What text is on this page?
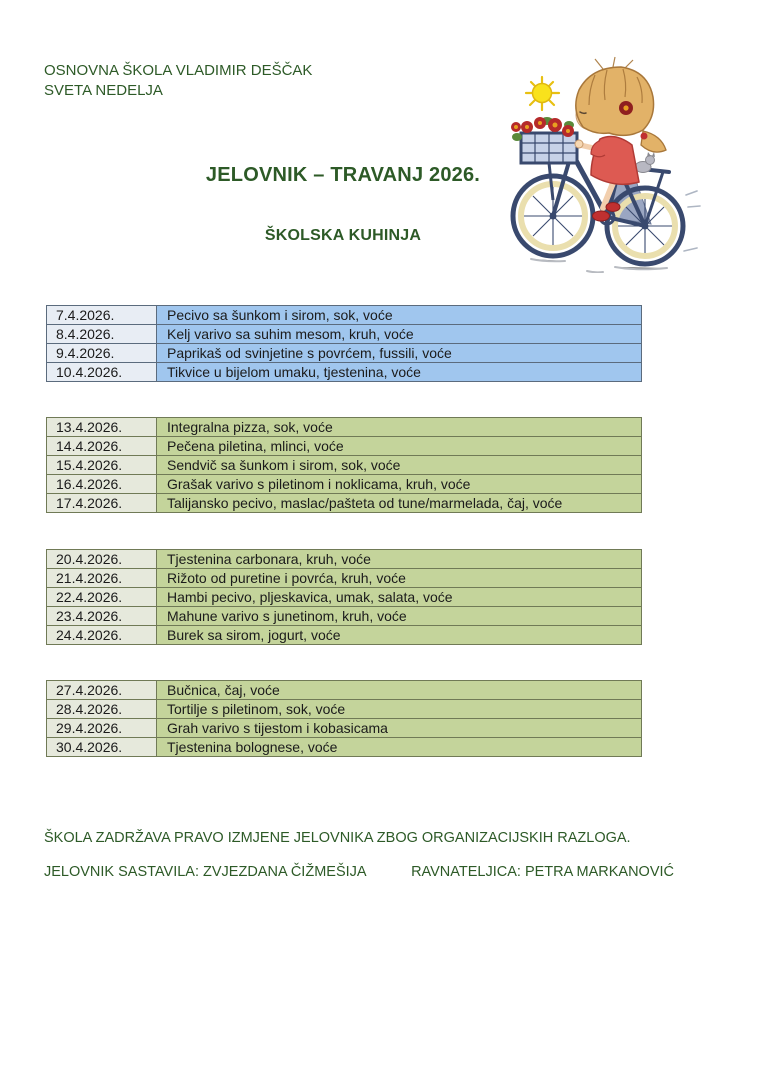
OSNOVNA ŠKOLA VLADIMIR DEŠČAK
SVETA NEDELJA
JELOVNIK – TRAVANJ 2026.
ŠKOLSKA KUHINJA
7.4.2026.	Pecivo sa šunkom i sirom, sok, voće
8.4.2026.	Kelj varivo sa suhim mesom, kruh, voće
9.4.2026.	Paprikaš od svinjetine s povrćem, fussili, voće
10.4.2026.	Tikvice u bijelom umaku, tjestenina, voće
13.4.2026.	Integralna pizza, sok, voće
14.4.2026.	Pečena piletina, mlinci, voće
15.4.2026.	Sendvič sa šunkom i sirom, sok, voće
16.4.2026.	Grašak varivo s piletinom i noklicama, kruh, voće
17.4.2026.	Talijansko pecivo, maslac/pašteta od tune/marmelada, čaj, voće
20.4.2026.	Tjestenina carbonara, kruh, voće
21.4.2026.	Rižoto od puretine i povrća, kruh, voće
22.4.2026.	Hambi pecivo, pljeskavica, umak, salata, voće
23.4.2026.	Mahune varivo s junetinom, kruh, voće
24.4.2026.	Burek sa sirom, jogurt, voće
27.4.2026.	Bučnica, čaj, voće
28.4.2026.	Tortilje s piletinom, sok, voće
29.4.2026.	Grah varivo s tijestom i kobasicama
30.4.2026.	Tjestenina bolognese, voće
ŠKOLA ZADRŽAVA PRAVO IZMJENE JELOVNIKA ZBOG ORGANIZACIJSKIH RAZLOGA.
JELOVNIK SASTAVILA: ZVJEZDANA ČIŽMEŠIJA	RAVNATELJICA: PETRA MARKANOVIĆ
